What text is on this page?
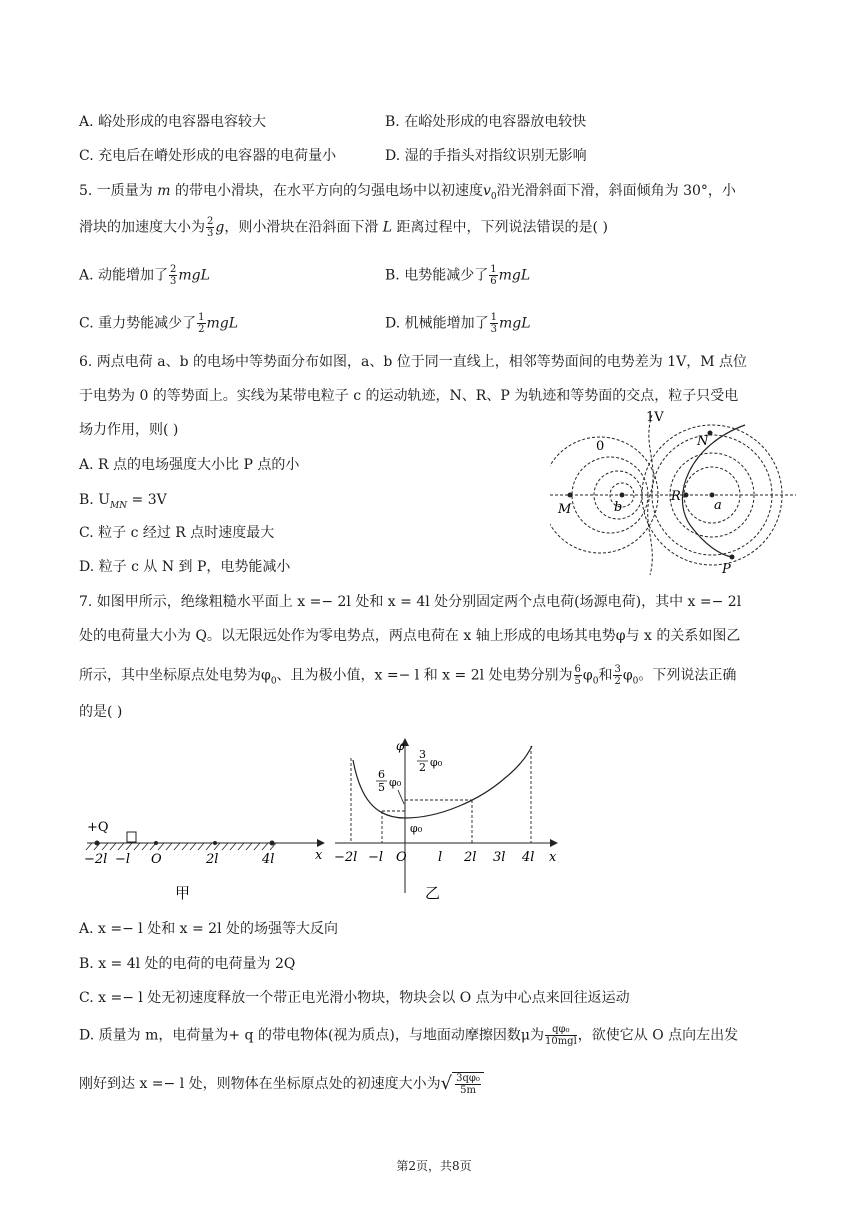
A. 峪处形成的电容器电容较大	B. 在峪处形成的电容器放电较快
C. 充电后在嵴处形成的电容器的电荷量小	D. 湿的手指头对指纹识别无影响
5. 一质量为 m 的带电小滑块，在水平方向的匀强电场中以初速度$v_0$沿光滑斜面下滑，斜面倾角为 30°，小
滑块的加速度大小为 $\frac{2}{3}$ g，则小滑块在沿斜面下滑 L 距离过程中，下列说法错误的是( )
A. 动能增加了 $\frac{2}{3}$ mgL	B. 电势能减少了 $\frac{1}{6}$ mgL
C. 重力势能减少了 $\frac{1}{2}$ mgL	D. 机械能增加了 $\frac{1}{3}$ mgL
6. 两点电荷 a、b 的电场中等势面分布如图，a、b 位于同一直线上，相邻等势面间的电势差为 1V，M 点位
于电势为 0 的等势面上。实线为某带电粒子 c 的运动轨迹，N、R、P 为轨迹和等势面的交点，粒子只受电
场力作用，则( )
A. R 点的电场强度大小比 P 点的小
B. $U_{MN} = 3V$
C. 粒子 c 经过 R 点时速度最大
D. 粒子 c 从 N 到 P，电势能减小
0
1V
N
R
a
b
M
P
7. 如图甲所示，绝缘粗糙水平面上 x =− 2l 处和 x = 4l 处分别固定两个点电荷(场源电荷)，其中 x =− 2l
处的电荷量大小为 Q。以无限远处作为零电势点，两点电荷在 x 轴上形成的电场其电势φ与 x 的关系如图乙
所示，其中坐标原点处电势为$\varphi_0$、且为极小值，x =− l 和 x = 2l 处电势分别为 $\frac{6}{5} \varphi_0$和 $\frac{3}{2} \varphi_0$。下列说法正确
的是( )
+Q
−2l −l O	2l	4l	x
甲
6
5 φ₀
3
2 φ₀
φ₀
φ
−2l −l O l 2l 3l 4l x
乙
A. x =− l 处和 x = 2l 处的场强等大反向
B. x = 4l 处的电荷的电荷量为 2Q
C. x =− l 处无初速度释放一个带正电光滑小物块，物块会以 O 点为中心点来回往返运动
D. 质量为 m，电荷量为+ q 的带电物体(视为质点)，与地面动摩擦因数μ为 $\frac{\text{qφ₀}}{\text{10mgl}}$ ，欲使它从 O 点向左出发
刚好到达 x =− l 处，则物体在坐标原点处的初速度大小为√ $\frac{\text{3qφ₀}}{5m}$
第2页，共8页
